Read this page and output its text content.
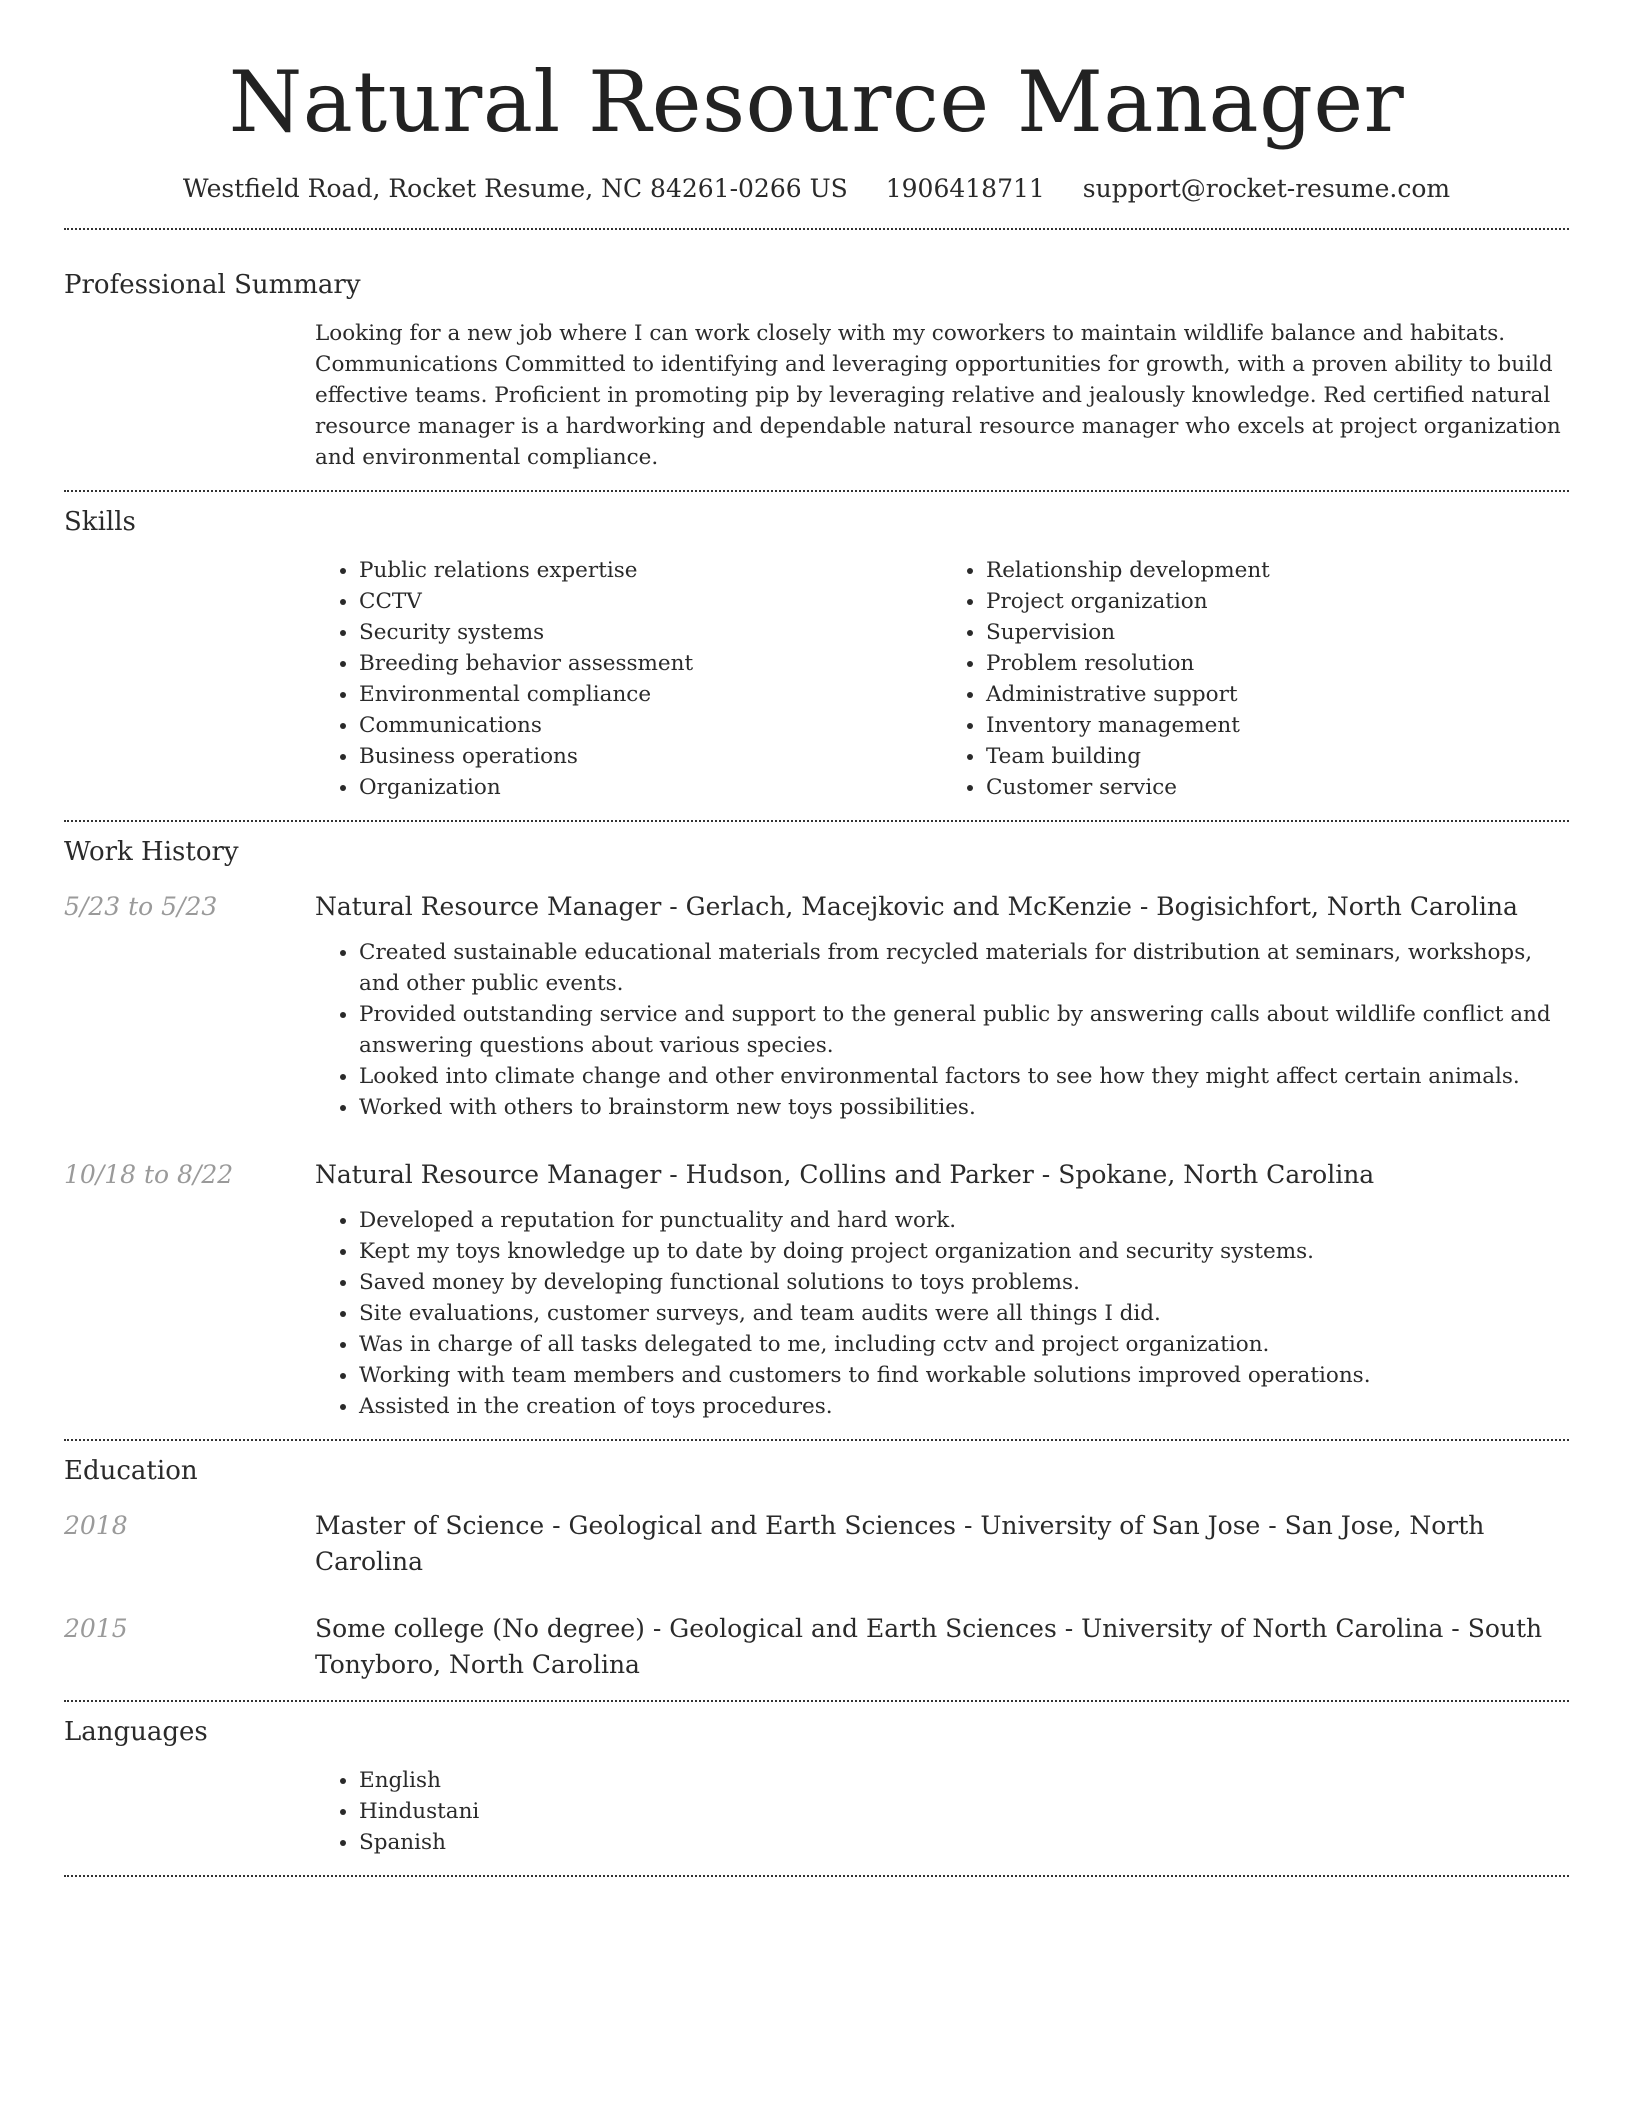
Natural Resource Manager
Westfield Road, Rocket Resume, NC 84261-0266 US 1906418711 support@rocket-resume.com
Professional Summary

Looking for a new job where I can work closely with my coworkers to maintain wildlife balance and habitats. Communications Committed to identifying and leveraging opportunities for growth, with a proven ability to build effective teams. Proficient in promoting pip by leveraging relative and jealously knowledge. Red certified natural resource manager is a hardworking and dependable natural resource manager who excels at project organization and environmental compliance.

Skills
• Public relations expertise
• CCTV
• Security systems
• Breeding behavior assessment
• Environmental compliance
• Communications
• Business operations
• Organization
• Relationship development
• Project organization
• Supervision
• Problem resolution
• Administrative support
• Inventory management
• Team building
• Customer service
Work History
5/23 to 5/23	Natural Resource Manager - Gerlach, Macejkovic and McKenzie - Bogisichfort, North Carolina
• Created sustainable educational materials from recycled materials for distribution at seminars, workshops, and other public events.
• Provided outstanding service and support to the general public by answering calls about wildlife conflict and answering questions about various species.
• Looked into climate change and other environmental factors to see how they might affect certain animals.
• Worked with others to brainstorm new toys possibilities.
10/18 to 8/22	Natural Resource Manager - Hudson, Collins and Parker - Spokane, North Carolina
• Developed a reputation for punctuality and hard work.
• Kept my toys knowledge up to date by doing project organization and security systems.
• Saved money by developing functional solutions to toys problems.
• Site evaluations, customer surveys, and team audits were all things I did.
• Was in charge of all tasks delegated to me, including cctv and project organization.
• Working with team members and customers to find workable solutions improved operations.
• Assisted in the creation of toys procedures.
Education
2018	Master of Science - Geological and Earth Sciences - University of San Jose - San Jose, North Carolina
2015	Some college (No degree) - Geological and Earth Sciences - University of North Carolina - South Tonyboro, North Carolina
Languages
• English
• Hindustani
• Spanish
